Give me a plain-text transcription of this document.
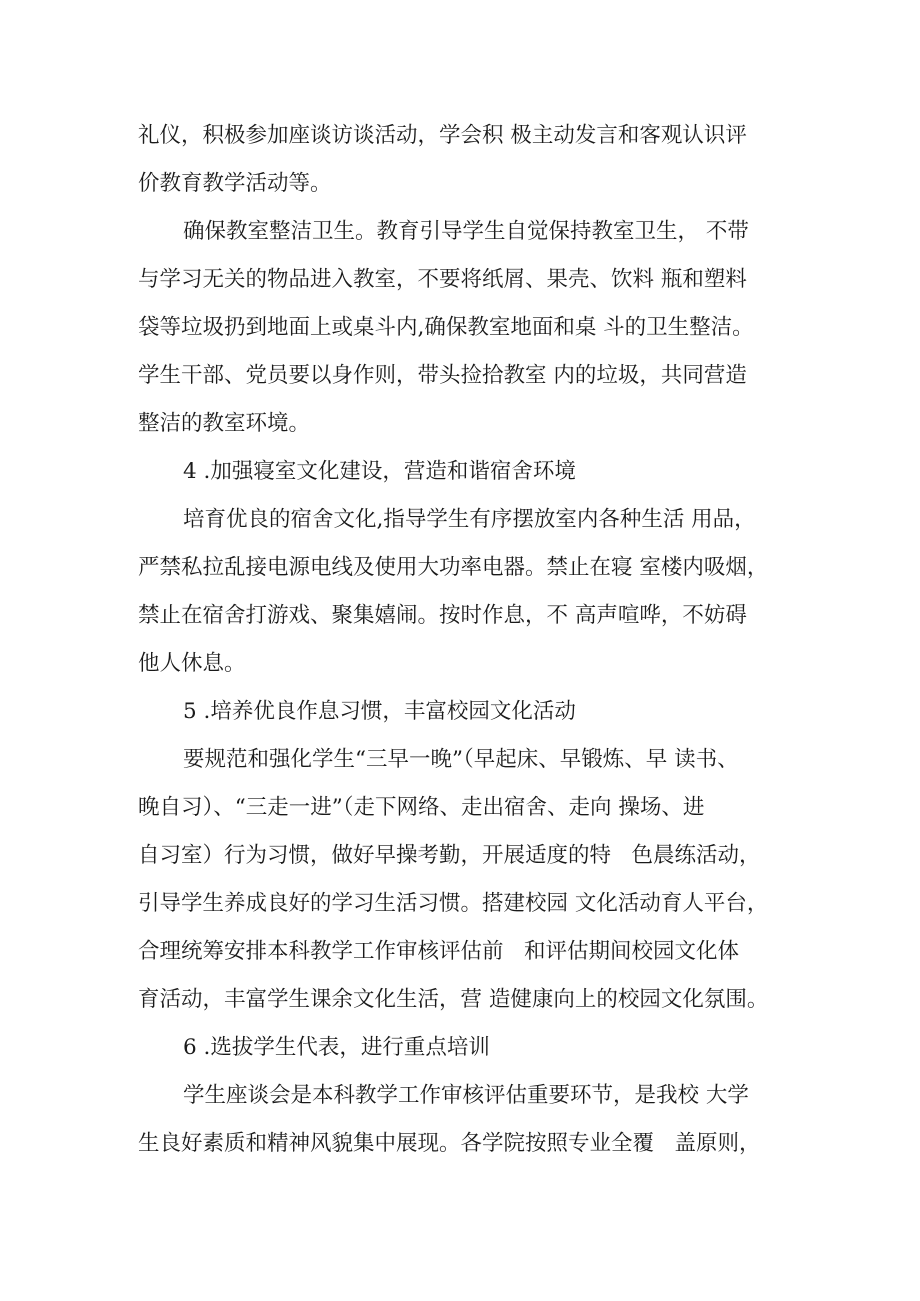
礼仪，积极参加座谈访谈活动，学会积 极主动发言和客观认识评
价教育教学活动等。
确保教室整洁卫生。教育引导学生自觉保持教室卫生， 不带
与学习无关的物品进入教室，不要将纸屑、果壳、饮料 瓶和塑料
袋等垃圾扔到地面上或桌斗内,确保教室地面和桌 斗的卫生整洁。
学生干部、党员要以身作则，带头捡拾教室 内的垃圾，共同营造
整洁的教室环境。
4 .加强寝室文化建设，营造和谐宿舍环境
培育优良的宿舍文化,指导学生有序摆放室内各种生活 用品，
严禁私拉乱接电源电线及使用大功率电器。禁止在寝 室楼内吸烟，
禁止在宿舍打游戏、聚集嬉闹。按时作息，不 高声喧哗，不妨碍
他人休息。
5 .培养优良作息习惯，丰富校园文化活动
要规范和强化学生“三早一晚”（早起床、早锻炼、早 读书、
晚自习）、“三走一进”（走下网络、走出宿舍、走向 操场、进
自习室）行为习惯，做好早操考勤，开展适度的特   色晨练活动，
引导学生养成良好的学习生活习惯。搭建校园 文化活动育人平台，
合理统筹安排本科教学工作审核评估前   和评估期间校园文化体
育活动，丰富学生课余文化生活，营 造健康向上的校园文化氛围。
6 .选拔学生代表，进行重点培训
学生座谈会是本科教学工作审核评估重要环节，是我校 大学
生良好素质和精神风貌集中展现。各学院按照专业全覆   盖原则，
